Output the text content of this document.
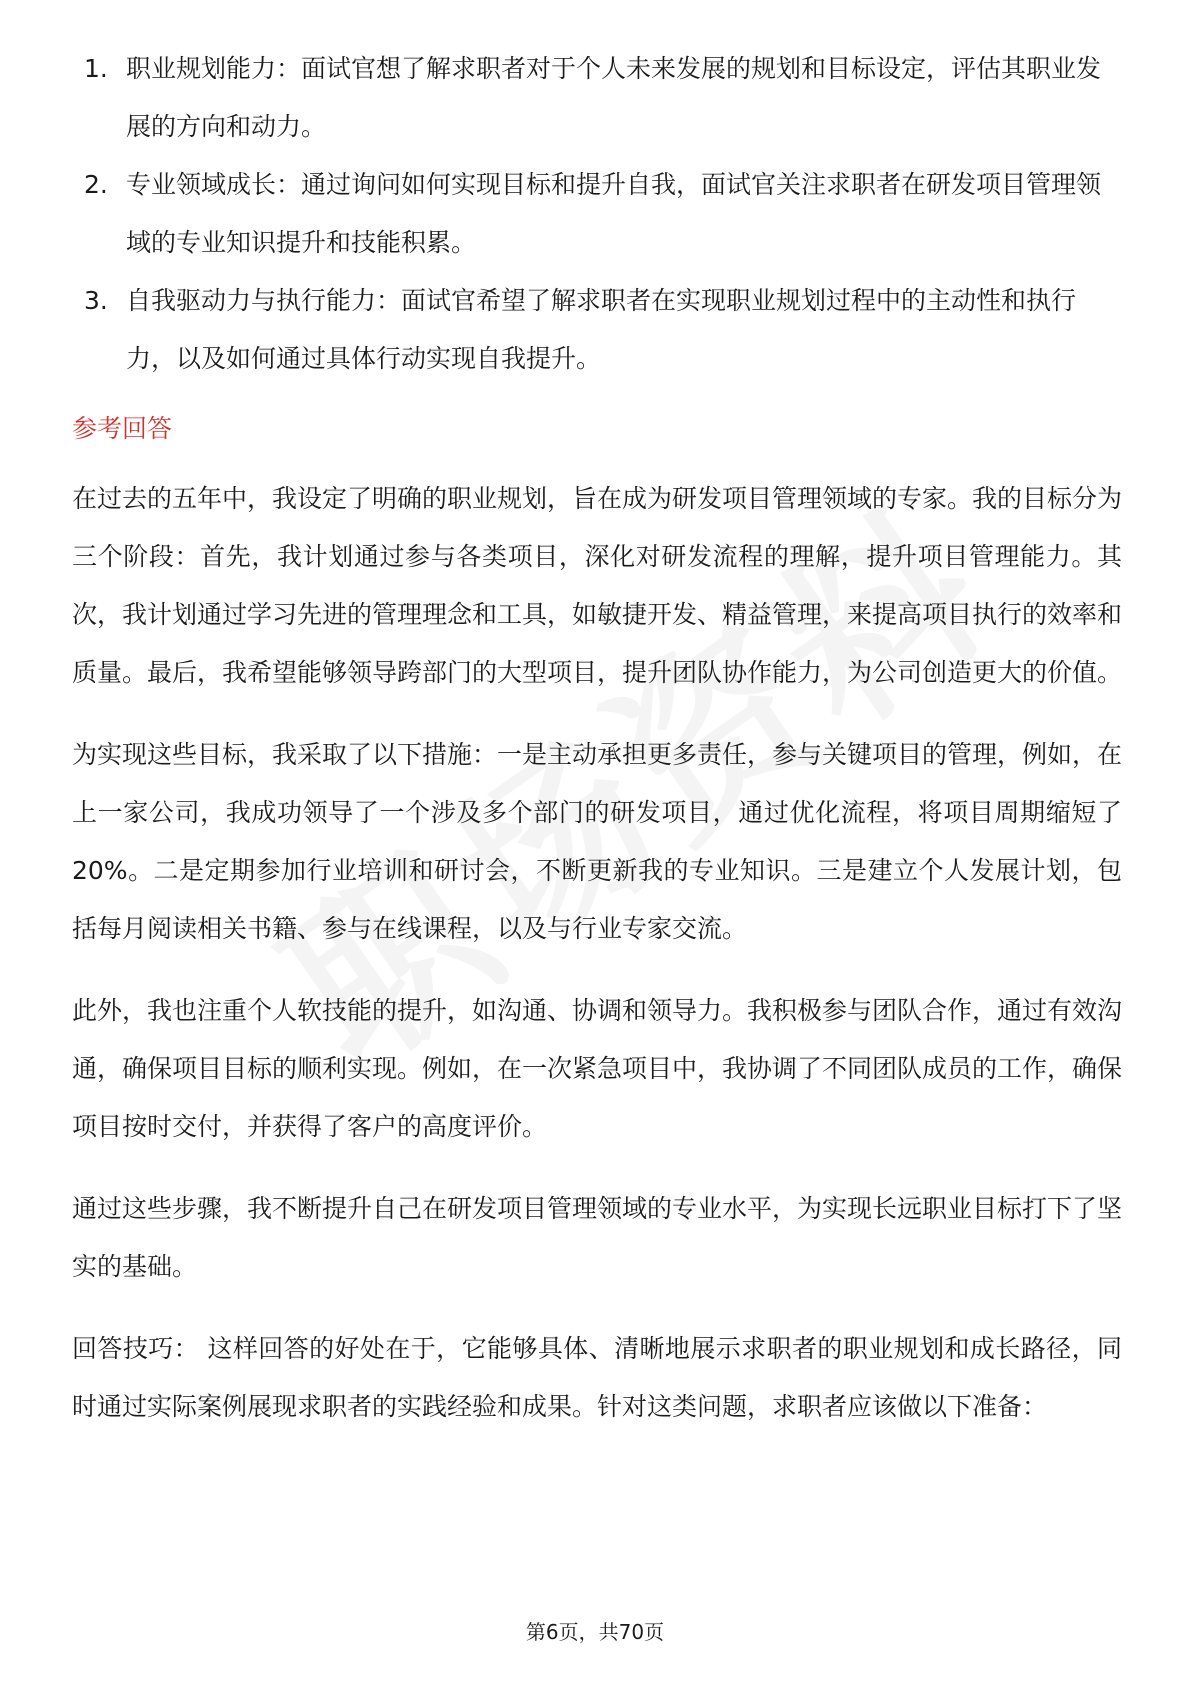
1. 职业规划能力：面试官想了解求职者对于个人未来发展的规划和目标设定，评估其职业发展的方向和动力。
2. 专业领域成长：通过询问如何实现目标和提升自我，面试官关注求职者在研发项目管理领域的专业知识提升和技能积累。
3. 自我驱动力与执行能力：面试官希望了解求职者在实现职业规划过程中的主动性和执行力，以及如何通过具体行动实现自我提升。
参考回答

在过去的五年中，我设定了明确的职业规划，旨在成为研发项目管理领域的专家。我的目标分为三个阶段：首先，我计划通过参与各类项目，深化对研发流程的理解，提升项目管理能力。其次，我计划通过学习先进的管理理念和工具，如敏捷开发、精益管理，来提高项目执行的效率和质量。最后，我希望能够领导跨部门的大型项目，提升团队协作能力，为公司创造更大的价值。

为实现这些目标，我采取了以下措施：一是主动承担更多责任，参与关键项目的管理，例如，在上一家公司，我成功领导了一个涉及多个部门的研发项目，通过优化流程，将项目周期缩短了20%。二是定期参加行业培训和研讨会，不断更新我的专业知识。三是建立个人发展计划，包括每月阅读相关书籍、参与在线课程，以及与行业专家交流。

此外，我也注重个人软技能的提升，如沟通、协调和领导力。我积极参与团队合作，通过有效沟通，确保项目目标的顺利实现。例如，在一次紧急项目中，我协调了不同团队成员的工作，确保项目按时交付，并获得了客户的高度评价。

通过这些步骤，我不断提升自己在研发项目管理领域的专业水平，为实现长远职业目标打下了坚实的基础。

回答技巧： 这样回答的好处在于，它能够具体、清晰地展示求职者的职业规划和成长路径，同时通过实际案例展现求职者的实践经验和成果。针对这类问题，求职者应该做以下准备：

第6页，共70页
